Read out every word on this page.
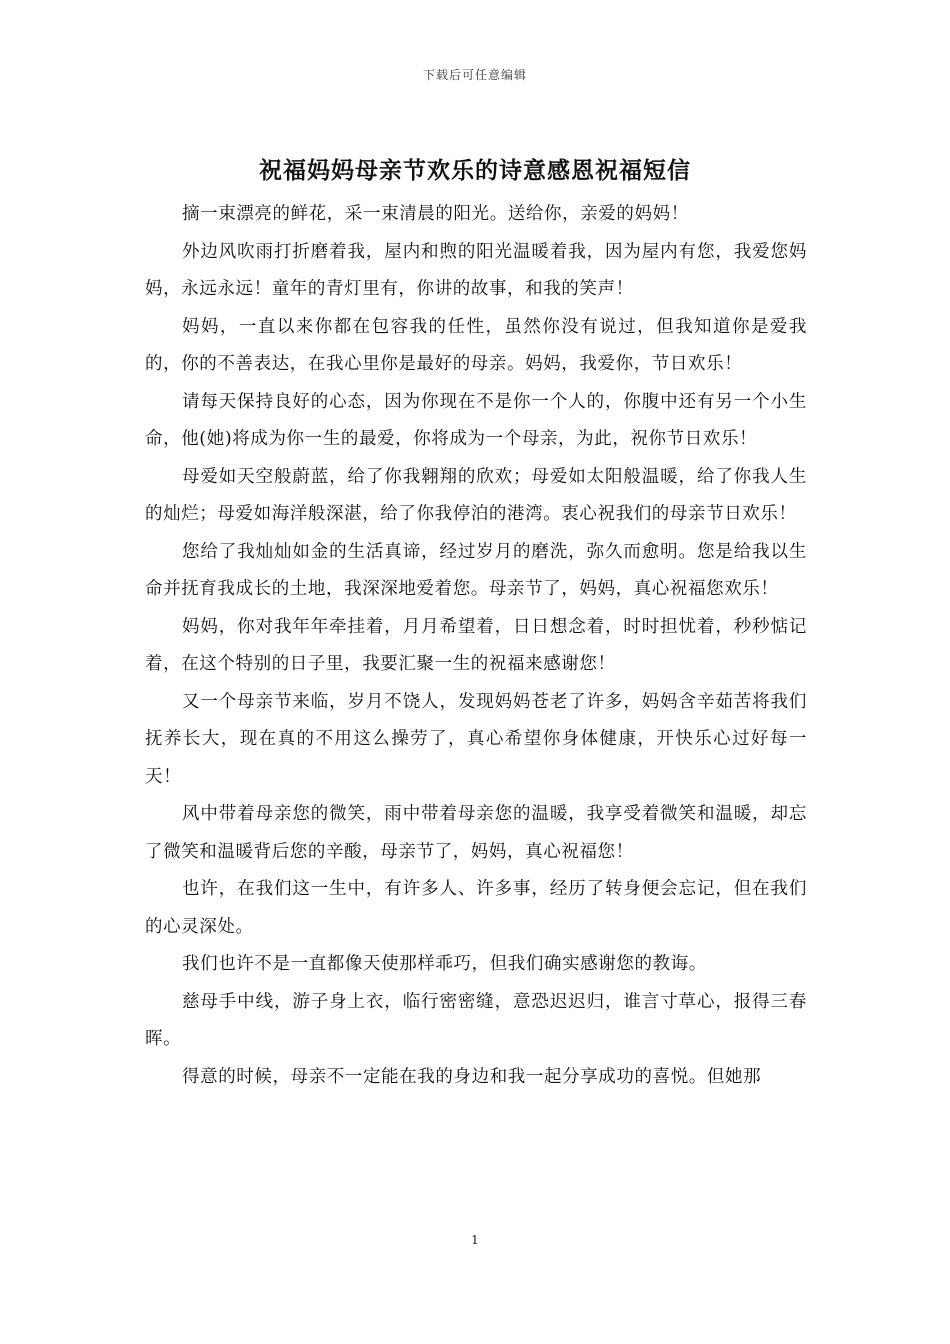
下载后可任意编辑
祝福妈妈母亲节欢乐的诗意感恩祝福短信

摘一束漂亮的鲜花，采一束清晨的阳光。送给你，亲爱的妈妈！

外边风吹雨打折磨着我，屋内和煦的阳光温暖着我，因为屋内有您，我爱您妈妈，永远永远！童年的青灯里有，你讲的故事，和我的笑声！

妈妈，一直以来你都在包容我的任性，虽然你没有说过，但我知道你是爱我的，你的不善表达，在我心里你是最好的母亲。妈妈，我爱你，节日欢乐！

请每天保持良好的心态，因为你现在不是你一个人的，你腹中还有另一个小生命，他(她)将成为你一生的最爱，你将成为一个母亲，为此，祝你节日欢乐！

母爱如天空般蔚蓝，给了你我翱翔的欣欢；母爱如太阳般温暖，给了你我人生的灿烂；母爱如海洋般深湛，给了你我停泊的港湾。衷心祝我们的母亲节日欢乐！

您给了我灿灿如金的生活真谛，经过岁月的磨洗，弥久而愈明。您是给我以生命并抚育我成长的土地，我深深地爱着您。母亲节了，妈妈，真心祝福您欢乐！

妈妈，你对我年年牵挂着，月月希望着，日日想念着，时时担忧着，秒秒惦记着，在这个特别的日子里，我要汇聚一生的祝福来感谢您！

又一个母亲节来临，岁月不饶人，发现妈妈苍老了许多，妈妈含辛茹苦将我们抚养长大，现在真的不用这么操劳了，真心希望你身体健康，开快乐心过好每一天！

风中带着母亲您的微笑，雨中带着母亲您的温暖，我享受着微笑和温暖，却忘了微笑和温暖背后您的辛酸，母亲节了，妈妈，真心祝福您！

也许，在我们这一生中，有许多人、许多事，经历了转身便会忘记，但在我们的心灵深处。

我们也许不是一直都像天使那样乖巧，但我们确实感谢您的教诲。

慈母手中线，游子身上衣，临行密密缝，意恐迟迟归，谁言寸草心，报得三春晖。

得意的时候，母亲不一定能在我的身边和我一起分享成功的喜悦。但她那

1
